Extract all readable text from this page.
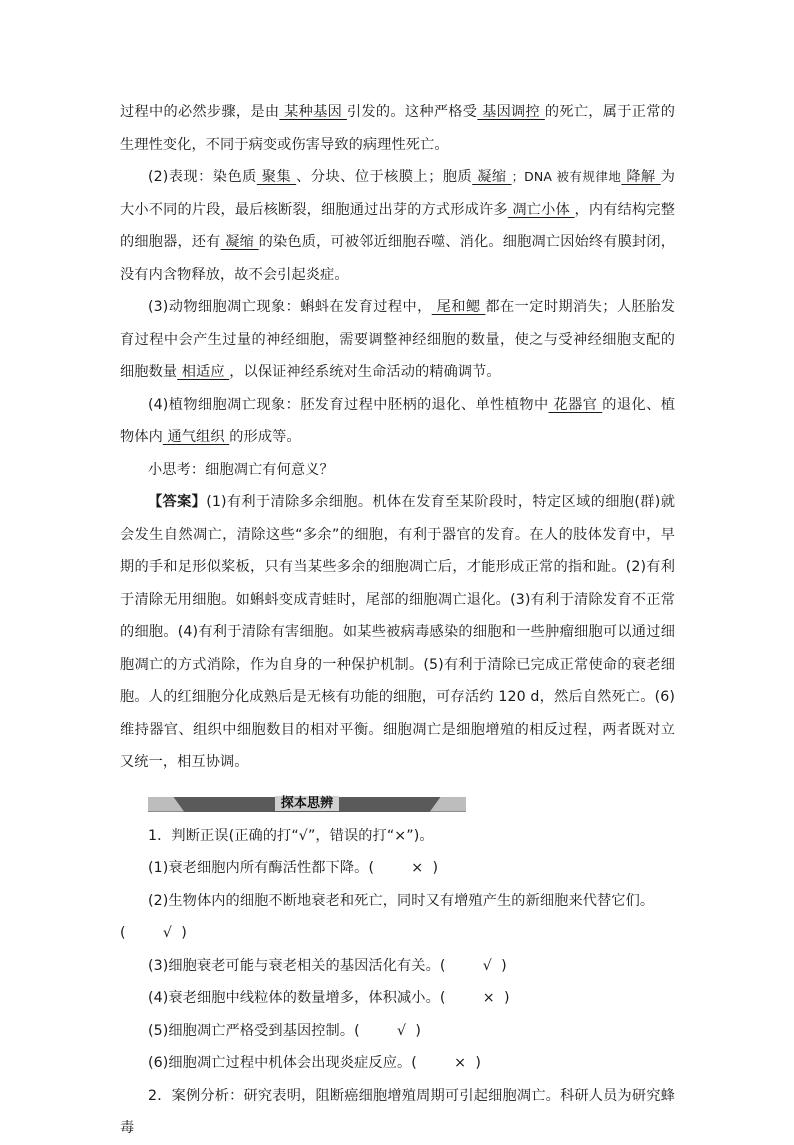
过程中的必然步骤，是由 某种基因 引发的。这种严格受 基因调控 的死亡，属于正常的生理性变化，不同于病变或伤害导致的病理性死亡。

(2)表现：染色质 聚集 、分块、位于核膜上；胞质 凝缩 ；DNA 被有规律地 降解 为大小不同的片段，最后核断裂，细胞通过出芽的方式形成许多 凋亡小体 ，内有结构完整的细胞器，还有 凝缩 的染色质，可被邻近细胞吞噬、消化。细胞凋亡因始终有膜封闭，没有内含物释放，故不会引起炎症。

(3)动物细胞凋亡现象：蝌蚪在发育过程中， 尾和鳃 都在一定时期消失；人胚胎发育过程中会产生过量的神经细胞，需要调整神经细胞的数量，使之与受神经细胞支配的细胞数量 相适应 ，以保证神经系统对生命活动的精确调节。

(4)植物细胞凋亡现象：胚发育过程中胚柄的退化、单性植物中 花器官 的退化、植物体内 通气组织 的形成等。

小思考：细胞凋亡有何意义？

【答案】(1)有利于清除多余细胞。机体在发育至某阶段时，特定区域的细胞(群)就会发生自然凋亡，清除这些“多余”的细胞，有利于器官的发育。在人的肢体发育中，早期的手和足形似桨板，只有当某些多余的细胞凋亡后，才能形成正常的指和趾。(2)有利于清除无用细胞。如蝌蚪变成青蛙时，尾部的细胞凋亡退化。(3)有利于清除发育不正常的细胞。(4)有利于清除有害细胞。如某些被病毒感染的细胞和一些肿瘤细胞可以通过细胞凋亡的方式消除，作为自身的一种保护机制。(5)有利于清除已完成正常使命的衰老细胞。人的红细胞分化成熟后是无核有功能的细胞，可存活约 120 d，然后自然死亡。(6)维持器官、组织中细胞数目的相对平衡。细胞凋亡是细胞增殖的相反过程，两者既对立又统一，相互协调。

探本思辨

1．判断正误(正确的打“√”，错误的打“×”)。

(1)衰老细胞内所有酶活性都下降。(  ×  )

(2)生物体内的细胞不断地衰老和死亡，同时又有增殖产生的新细胞来代替它们。
(  √  )

(3)细胞衰老可能与衰老相关的基因活化有关。(  √  )

(4)衰老细胞中线粒体的数量增多，体积减小。(  ×  )

(5)细胞凋亡严格受到基因控制。(  √  )

(6)细胞凋亡过程中机体会出现炎症反应。(  ×  )

2．案例分析：研究表明，阻断癌细胞增殖周期可引起细胞凋亡。科研人员为研究蜂毒
